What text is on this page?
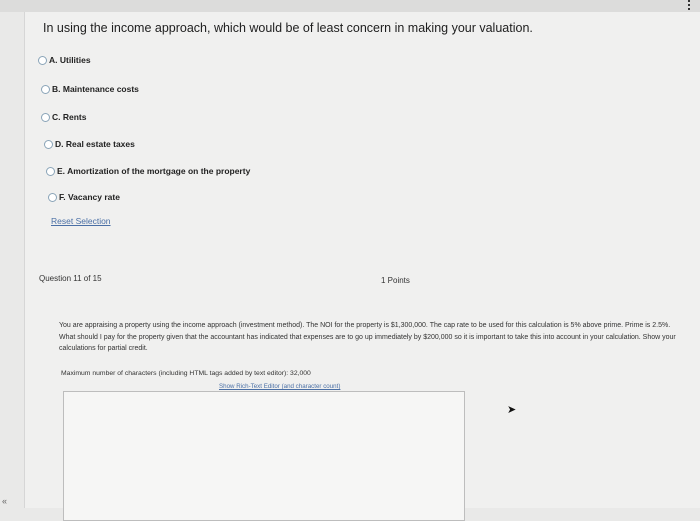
In using the income approach, which would be of least concern in making your valuation.
A. Utilities
B. Maintenance costs
C. Rents
D. Real estate taxes
E. Amortization of the mortgage on the property
F. Vacancy rate
Reset Selection
Question 11 of 15	1 Points
You are appraising a property using the income approach (investment method). The NOI for the property is $1,300,000. The cap rate to be used for this calculation is 5% above prime. Prime is 2.5%. What should I pay for the property given that the accountant has indicated that expenses are to go up immediately by $200,000 so it is important to take this into account in your calculation. Show your calculations for partial credit.
Maximum number of characters (including HTML tags added by text editor): 32,000
Show Rich-Text Editor (and character count)
➤
«
